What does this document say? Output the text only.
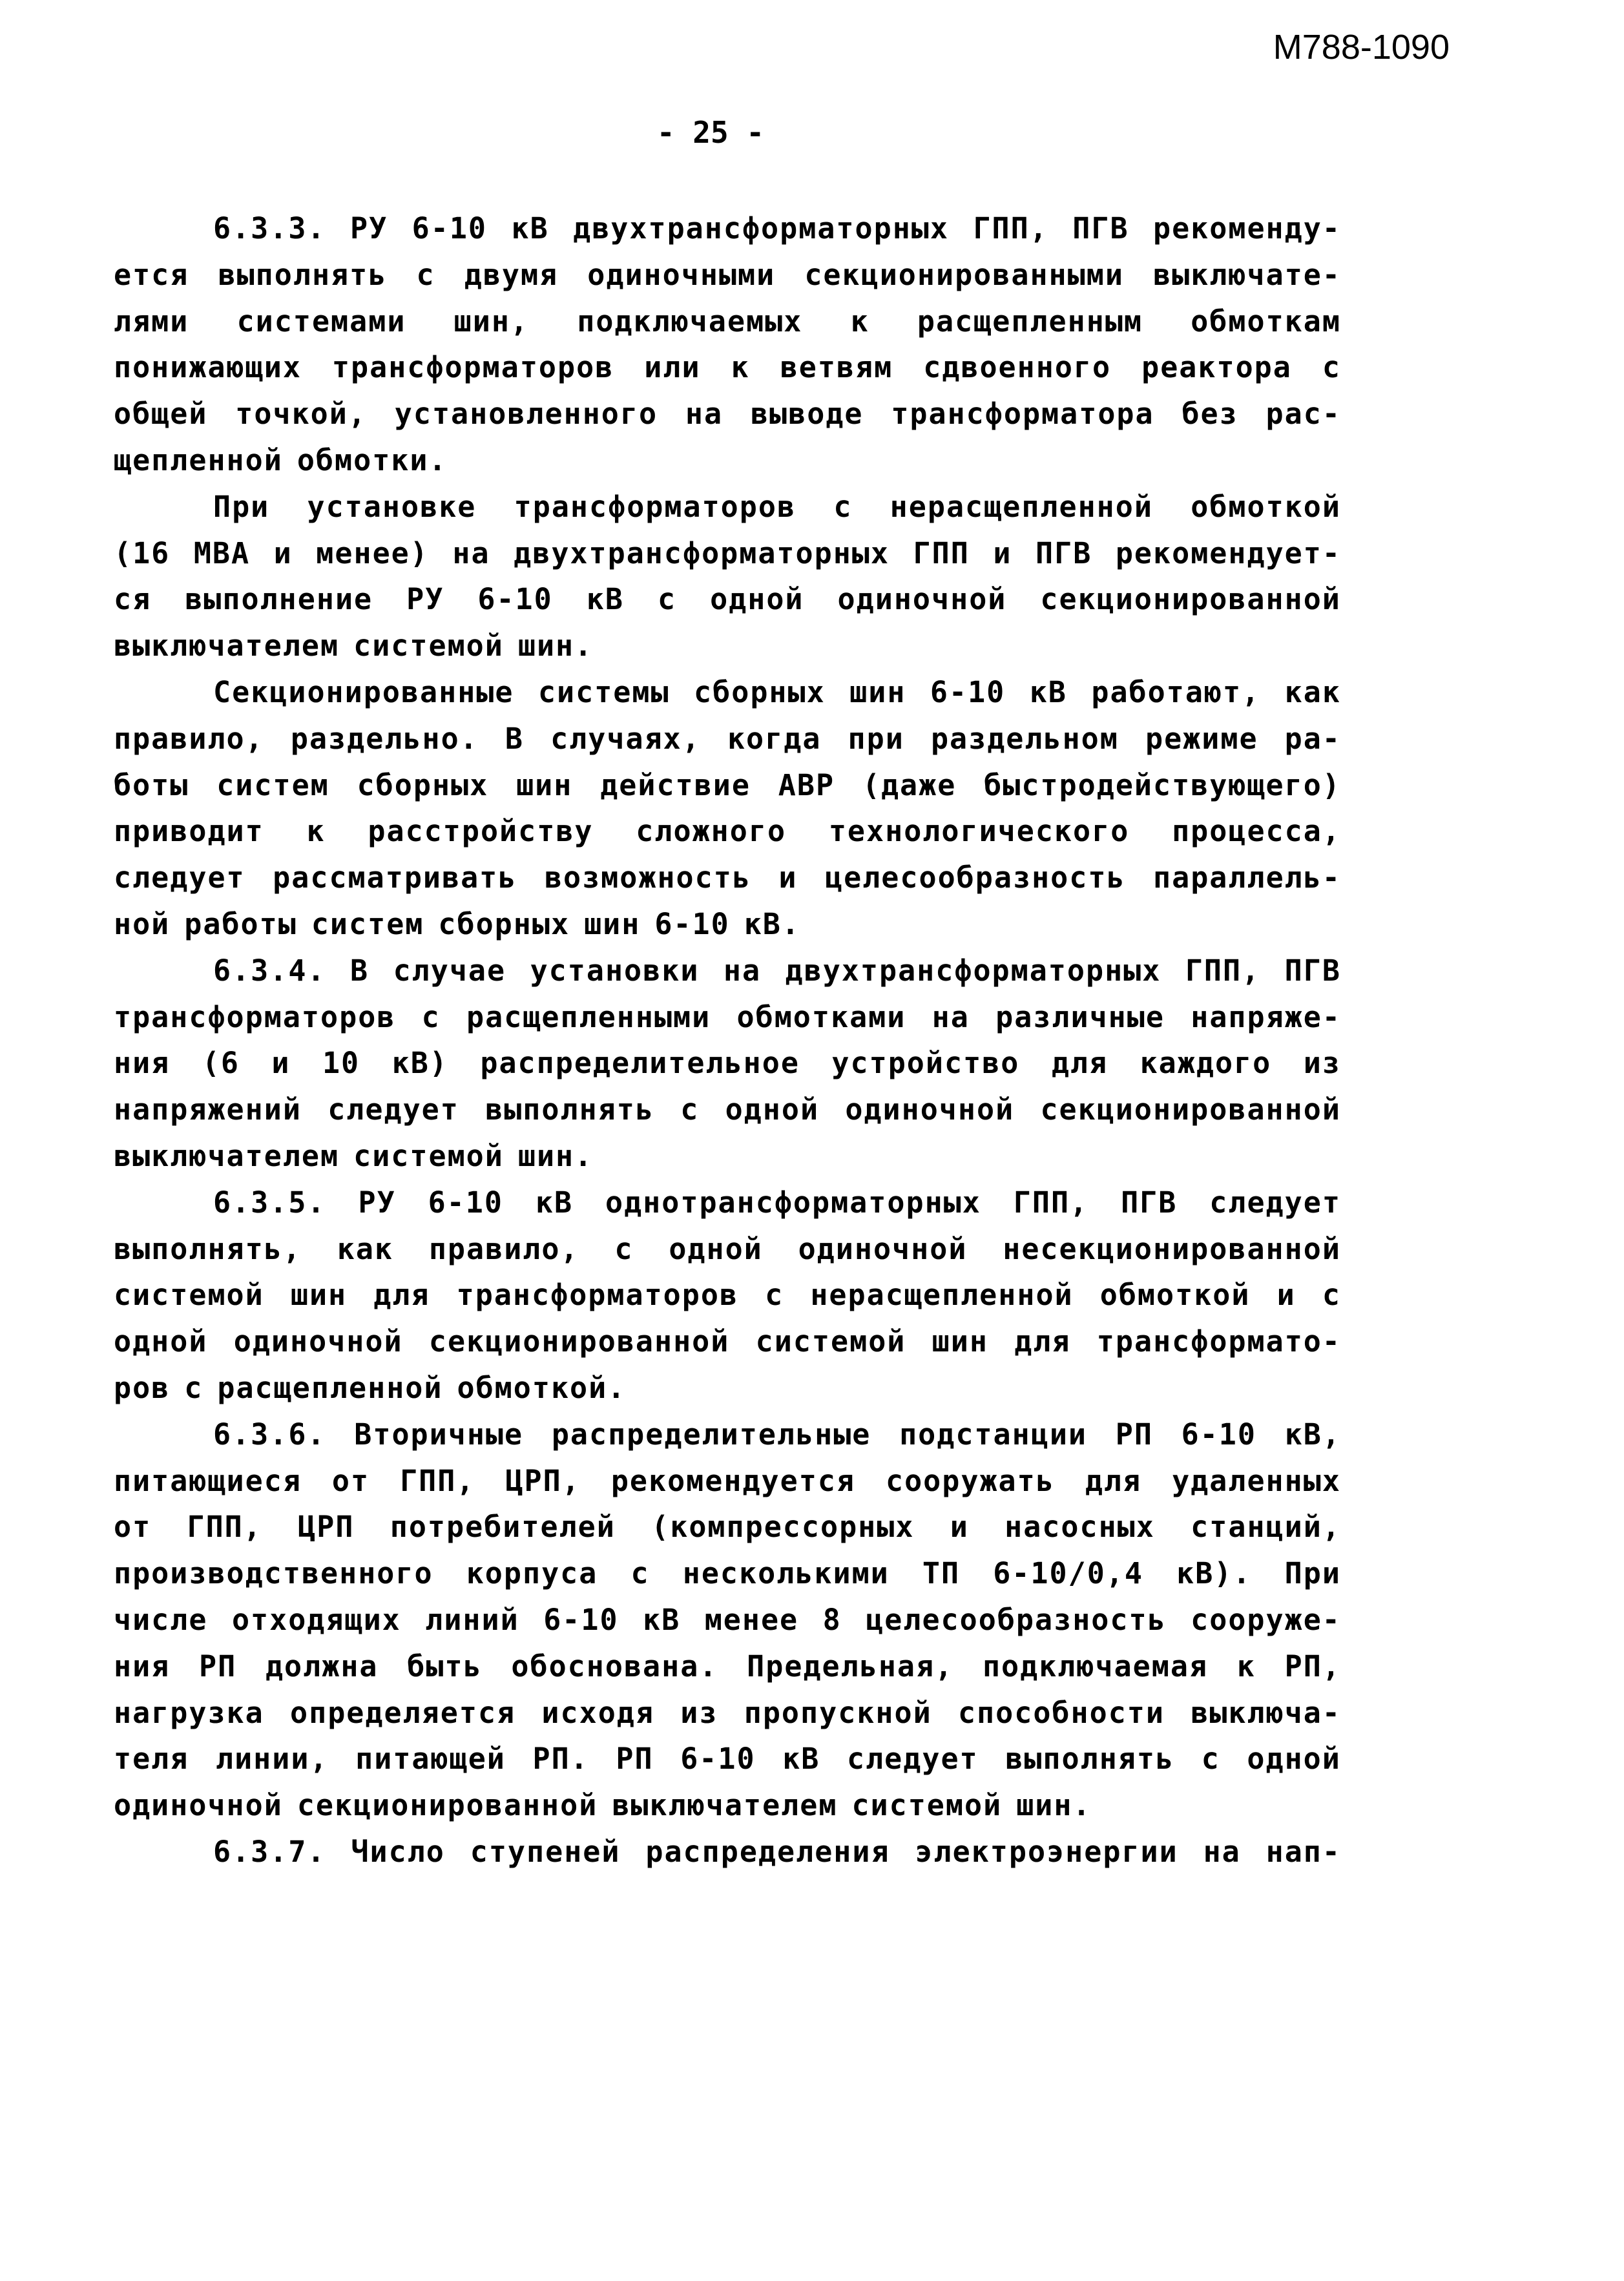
М788-1090
- 25 -
6.3.3. РУ 6-10 кВ двухтрансформаторных ГПП, ПГВ рекоменду-
ется выполнять с двумя одиночными секционированными выключате-
лями системами шин, подключаемых к расщепленным обмоткам
понижающих трансформаторов или к ветвям сдвоенного реактора с
общей точкой, установленного на выводе трансформатора без рас-
щепленной обмотки.
При установке трансформаторов с нерасщепленной обмоткой
(16 МВА и менее) на двухтрансформаторных ГПП и ПГВ рекомендует-
ся выполнение РУ 6-10 кВ с одной одиночной секционированной
выключателем системой шин.
Секционированные системы сборных шин 6-10 кВ работают, как
правило, раздельно. В случаях, когда при раздельном режиме ра-
боты систем сборных шин действие АВР (даже быстродействующего)
приводит к расстройству сложного технологического процесса,
следует рассматривать возможность и целесообразность параллель-
ной работы систем сборных шин 6-10 кВ.
6.3.4. В случае установки на двухтрансформаторных ГПП, ПГВ
трансформаторов с расщепленными обмотками на различные напряже-
ния (6 и 10 кВ) распределительное устройство для каждого из
напряжений следует выполнять с одной одиночной секционированной
выключателем системой шин.
6.3.5. РУ 6-10 кВ однотрансформаторных ГПП, ПГВ следует
выполнять, как правило, с одной одиночной несекционированной
системой шин для трансформаторов с нерасщепленной обмоткой и с
одной одиночной секционированной системой шин для трансформато-
ров с расщепленной обмоткой.
6.3.6. Вторичные распределительные подстанции РП 6-10 кВ,
питающиеся от ГПП, ЦРП, рекомендуется сооружать для удаленных
от ГПП, ЦРП потребителей (компрессорных и насосных станций,
производственного корпуса с несколькими ТП 6-10/0,4 кВ). При
числе отходящих линий 6-10 кВ менее 8 целесообразность сооруже-
ния РП должна быть обоснована. Предельная, подключаемая к РП,
нагрузка определяется исходя из пропускной способности выключа-
теля линии, питающей РП. РП 6-10 кВ следует выполнять с одной
одиночной секционированной выключателем системой шин.
6.3.7. Число ступеней распределения электроэнергии на нап-
